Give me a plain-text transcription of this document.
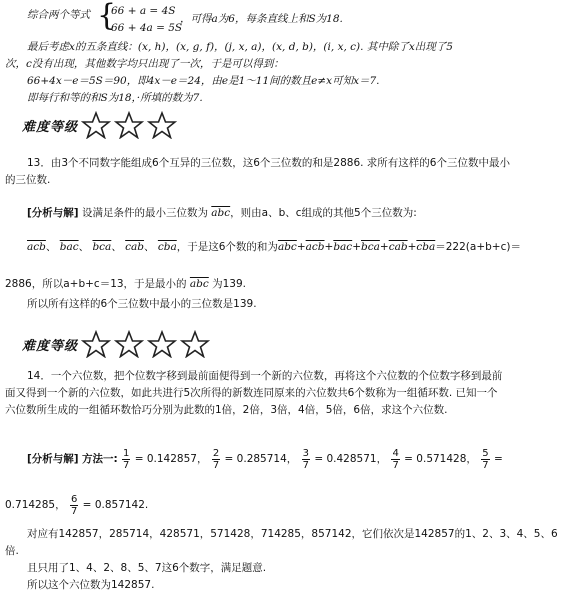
综合两个等式 {
66 + a = 4S
66 + 4a = 5S
，可得a为6，每条直线上和S为18.
最后考虑x的五条直线：(x, h)，(x, g, f)，(j, x, a)，(x, d, b)，(i, x, c). 其中除了x出现了5
次，c没有出现，其他数字均只出现了一次，于是可以得到：
66+4x－e＝5S＝90，即4x－e＝24，由e是1～11间的数且e≠x可知x＝7.
即每行和等的和S为18，·所填的数为7.
难度等级
13．由3个不同数字能组成6个互异的三位数，这6个三位数的和是2886. 求所有这样的6个三位数中最小
的三位数.
[分析与解] 设满足条件的最小三位数为 $\overline{abc}$，则由a、b、c组成的其他5个三位数为:
$\overline{acb}$、 $\overline{bac}$、 $\overline{bca}$、 $\overline{cab}$、 $\overline{cba}$，于是这6个数的和为$\overline{abc}+\overline{acb}+\overline{bac}+\overline{bca}+\overline{cab}+\overline{cba}=222(a+b+c)=$
2886，所以a+b+c＝13，于是最小的 $\overline{abc}$ 为139.
所以所有这样的6个三位数中最小的三位数是139.
难度等级
14．一个六位数，把个位数字移到最前面便得到一个新的六位数，再将这个六位数的个位数字移到最前
面又得到一个新的六位数，如此共进行5次所得的新数连同原来的六位数共6个数称为一组循环数. 已知一个
六位数所生成的一组循环数恰巧分别为此数的1倍，2倍，3倍，4倍，5倍，6倍，求这个六位数.
[分析与解] 方法一: $\frac{1}{7} = 0.142857$， $\frac{2}{7} = 0.285714$， $\frac{3}{7} = 0.428571$， $\frac{4}{7} = 0.571428$， $\frac{5}{7}$ =
0.714285， $\frac{6}{7} = 0.857142$.
对应有142857，285714，428571，571428，714285，857142，它们依次是142857的1、2、3、4、5、6
倍.
且只用了1、4、2、8、5、7这6个数字，满足题意.
所以这个六位数为142857.
